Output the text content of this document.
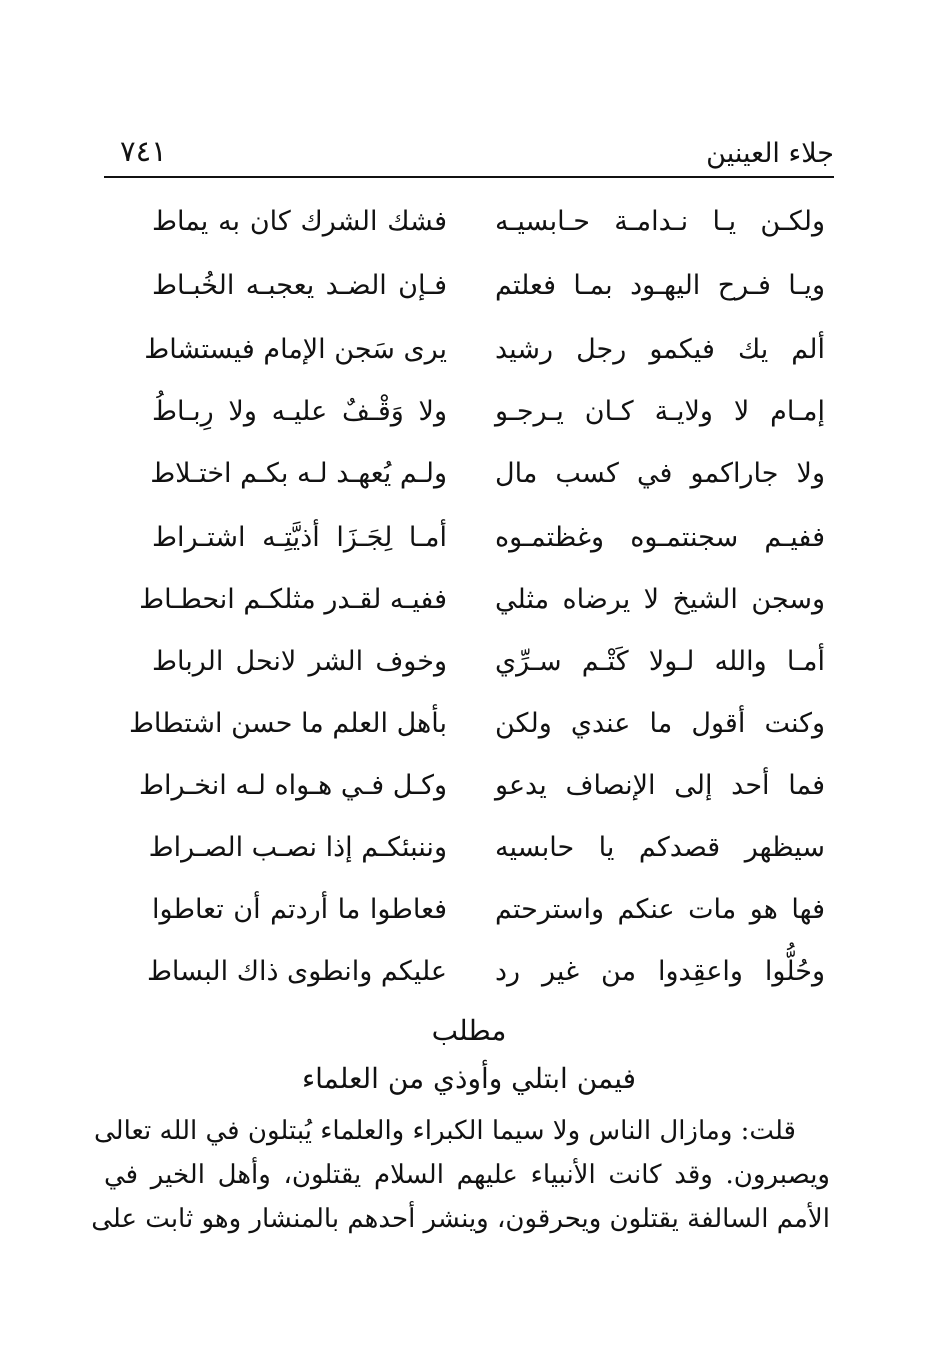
جلاء العينين
٧٤١
ولكـن يـا نـدامـة حـابسيـه
فشك الشرك كان به يماط
ويـا فـرح اليهـود بمـا فعلتم
فـإن الضـد يعجبـه الخُبـاط
ألم يك فيكمو رجل رشيد
يرى سَجن الإمام فيستشاط
إمـام لا ولايـة كـان يـرجـو
ولا وَقْـفٌ عليـه ولا رِبـاطُ
ولا جاراكمو في كسب مال
ولـم يُعهـد لـه بكـم اختـلاط
ففيـم سجنتمـوه وغظتمـوه
أمـا لِجَـزَا أذيَّتِـه اشتـراط
وسجن الشيخ لا يرضاه مثلي
ففيـه لقـدر مثلكـم انحطـاط
أمـا والله لـولا كَتْـم سـرِّي
وخوف الشر لانحل الرباط
وكنت أقول ما عندي ولكن
بأهل العلم ما حسن اشتطاط
فما أحد إلى الإنصاف يدعو
وكـل فـي هـواه لـه انخـراط
سيظهر قصدكم يا حابسيه
وننبئكـم إذا نصـب الصـراط
فها هو مات عنكم واسترحتم
فعاطوا ما أردتم أن تعاطوا
وحُلُّوا واعقِدوا من غير رد
عليكم وانطوى ذاك البساط
مطلب
فيمن ابتلي وأوذي من العلماء
قلت: ومازال الناس ولا سيما الكبراء والعلماء يُبتلون في الله تعالى
ويصبرون. وقد كانت الأنبياء عليهم السلام يقتلون، وأهل الخير في
الأمم السالفة يقتلون ويحرقون، وينشر أحدهم بالمنشار وهو ثابت على
